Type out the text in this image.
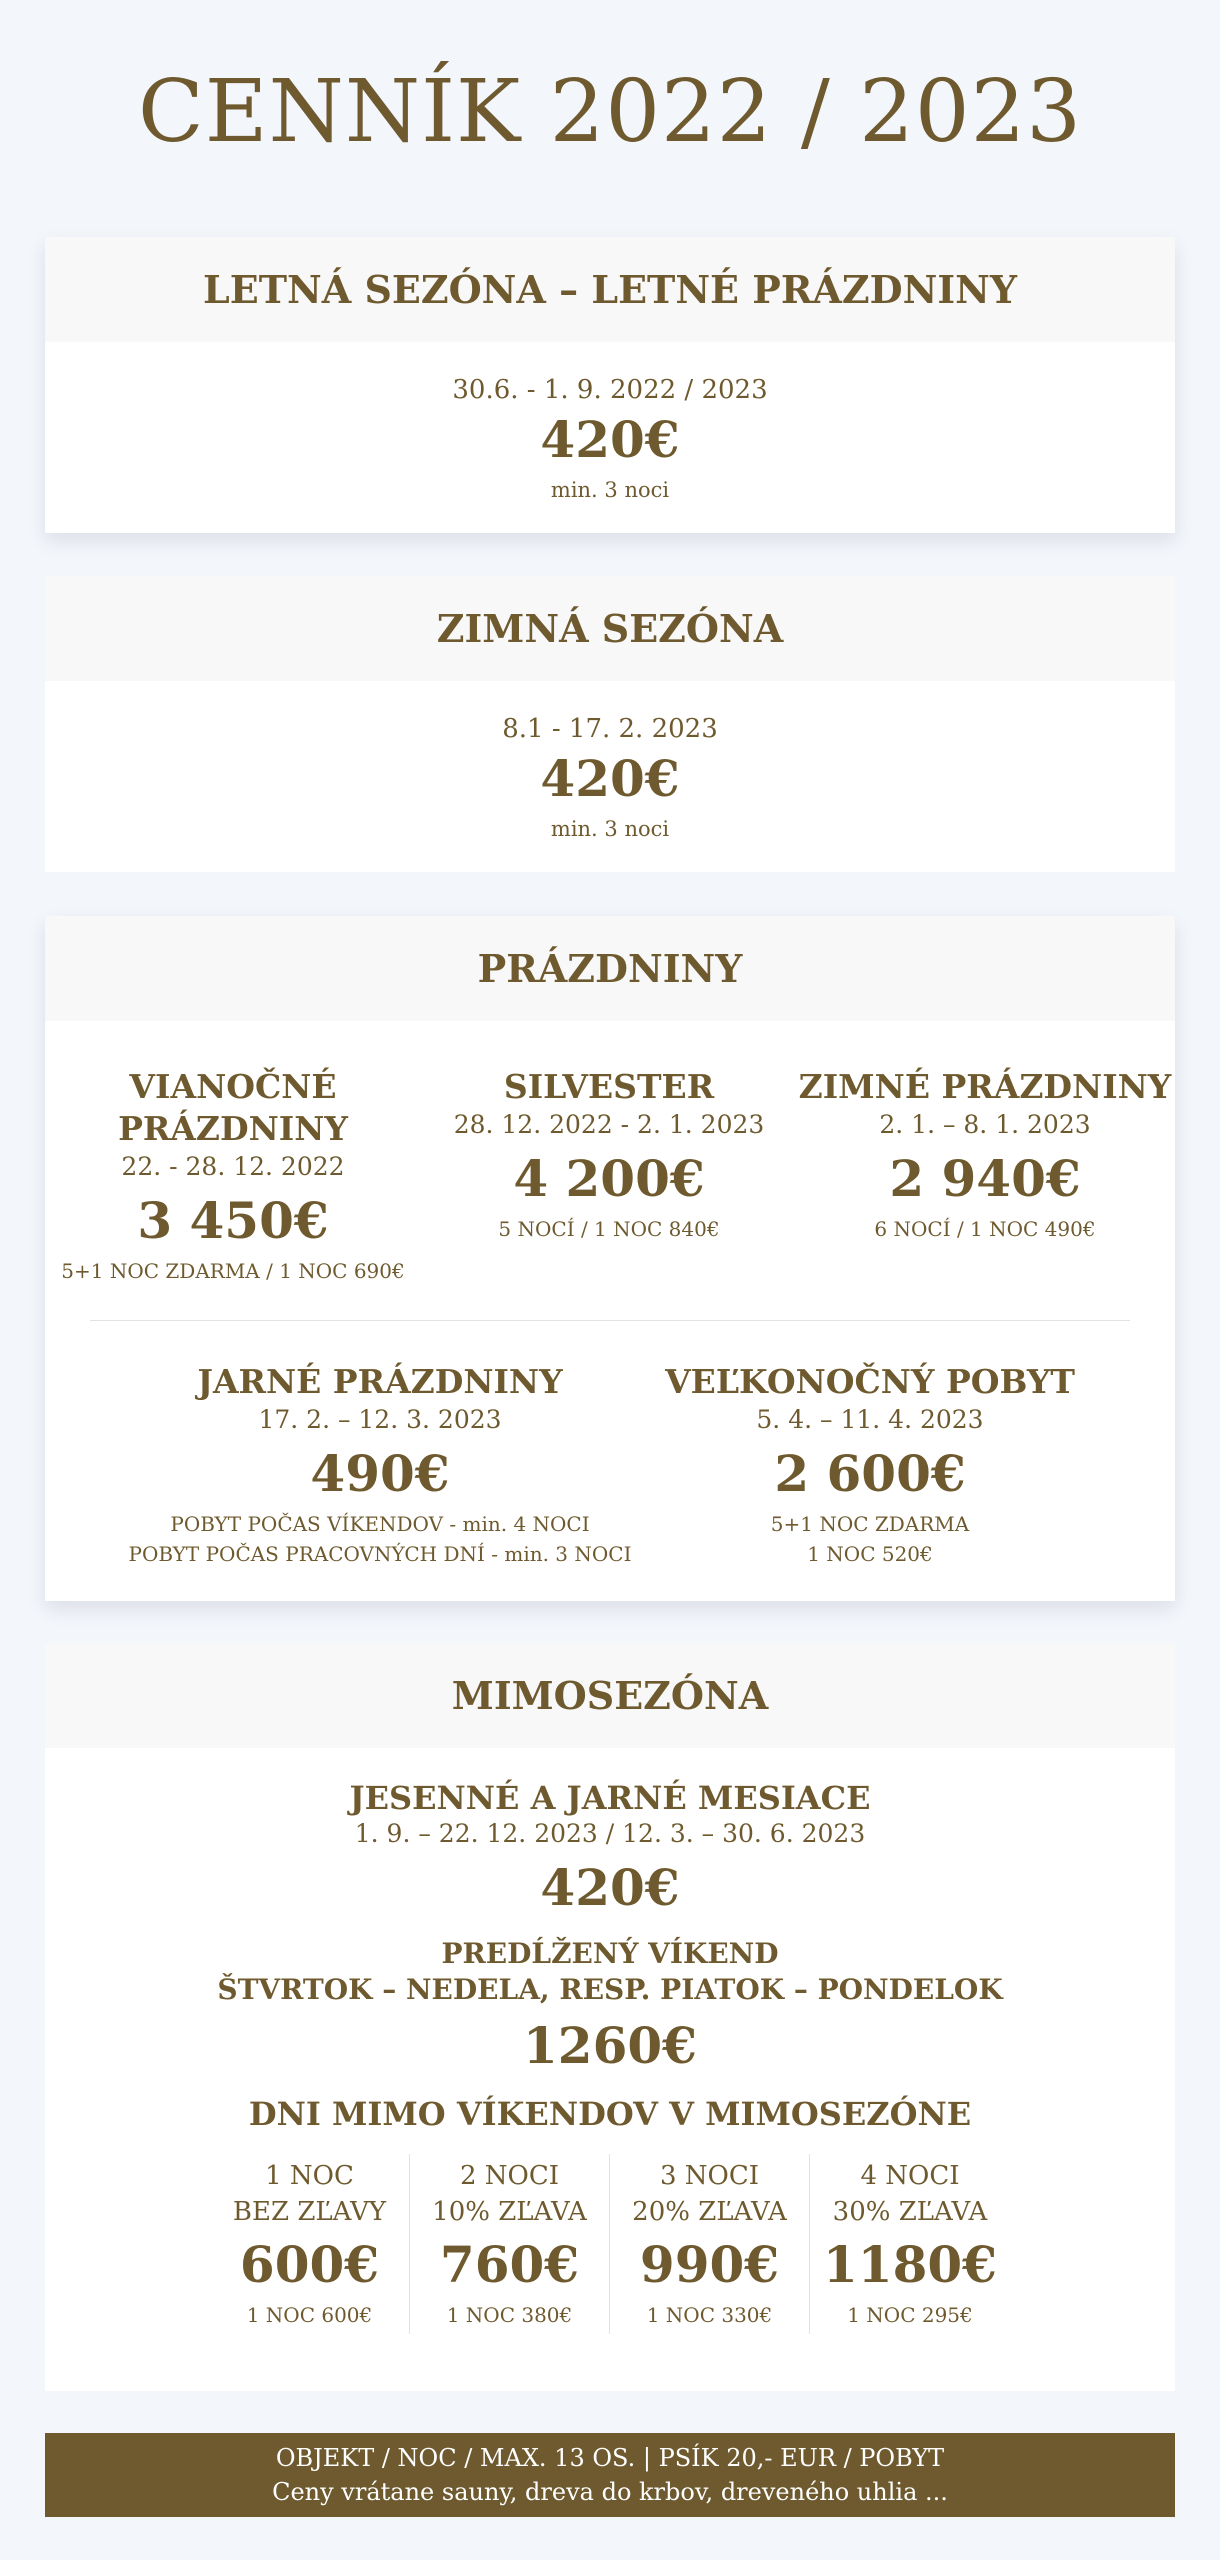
CENNÍK 2022 / 2023
LETNÁ SEZÓNA – LETNÉ PRÁZDNINY
30.6. - 1. 9. 2022 / 2023
420€
min. 3 noci
ZIMNÁ SEZÓNA
8.1 - 17. 2. 2023
420€
min. 3 noci
PRÁZDNINY
VIANOČNÉ PRÁZDNINY
22. - 28. 12. 2022
3 450€
5+1 NOC ZDARMA / 1 NOC 690€
SILVESTER
28. 12. 2022 - 2. 1. 2023
4 200€
5 NOCÍ / 1 NOC 840€
ZIMNÉ PRÁZDNINY
2. 1. – 8. 1. 2023
2 940€
6 NOCÍ / 1 NOC 490€
JARNÉ PRÁZDNINY
17. 2. – 12. 3. 2023
490€
POBYT POČAS VÍKENDOV - min. 4 NOCI
POBYT POČAS PRACOVNÝCH DNÍ - min. 3 NOCI
VEĽKONOČNÝ POBYT
5. 4. – 11. 4. 2023
2 600€
5+1 NOC ZDARMA
1 NOC 520€
MIMOSEZÓNA
JESENNÉ A JARNÉ MESIACE
1. 9. – 22. 12. 2023 / 12. 3. – 30. 6. 2023
420€
PREDĹŽENÝ VÍKEND
ŠTVRTOK – NEDELA, RESP. PIATOK – PONDELOK
1260€
DNI MIMO VÍKENDOV V MIMOSEZÓNE
1 NOC
BEZ ZĽAVY
600€
1 NOC 600€
2 NOCI
10% ZĽAVA
760€
1 NOC 380€
3 NOCI
20% ZĽAVA
990€
1 NOC 330€
4 NOCI
30% ZĽAVA
1180€
1 NOC 295€
OBJEKT / NOC / MAX. 13 OS. | PSÍK 20,- EUR / POBYT
Ceny vrátane sauny, dreva do krbov, dreveného uhlia ...
